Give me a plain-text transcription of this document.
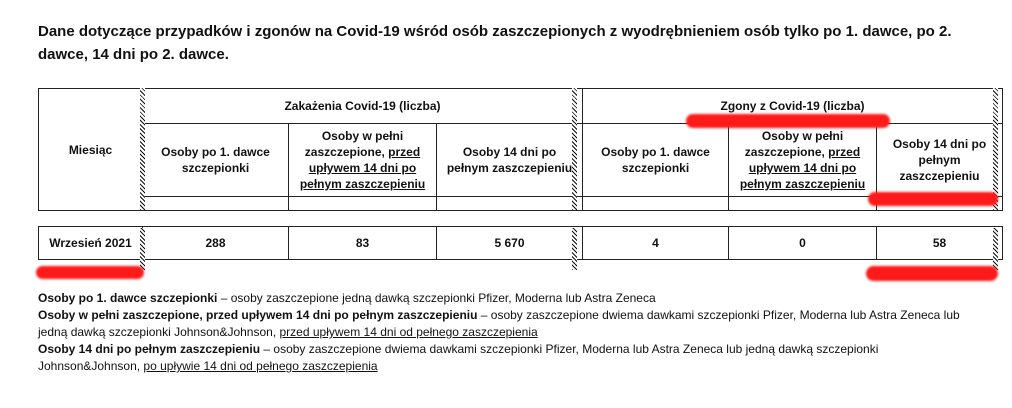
Dane dotyczące przypadków i zgonów na Covid-19 wśród osób zaszczepionych z wyodrębnieniem osób tylko po 1. dawce, po 2. dawce, 14 dni po 2. dawce.
Miesiąc	Zakażenia Covid-19 (liczba)			Zgony z Covid-19 (liczba)		
	Osoby po 1. dawce szczepionki	Osoby w pełni zaszczepione, przed upływem 14 dni po pełnym zaszczepieniu	Osoby 14 dni po pełnym zaszczepieniu	Osoby po 1. dawce szczepionki	Osoby w pełni zaszczepione, przed upływem 14 dni po pełnym zaszczepieniu	Osoby 14 dni po pełnym zaszczepieniu

Wrzesień 2021	288	83	5 670	4	0	58

Osoby po 1. dawce szczepionki – osoby zaszczepione jedną dawką szczepionki Pfizer, Moderna lub Astra Zeneca

Osoby w pełni zaszczepione, przed upływem 14 dni po pełnym zaszczepieniu – osoby zaszczepione dwiema dawkami szczepionki Pfizer, Moderna lub Astra Zeneca lub jedną dawką szczepionki Johnson&Johnson, przed upływem 14 dni od pełnego zaszczepienia

Osoby 14 dni po pełnym zaszczepieniu – osoby zaszczepione dwiema dawkami szczepionki Pfizer, Moderna lub Astra Zeneca lub jedną dawką szczepionki Johnson&Johnson, po upływie 14 dni od pełnego zaszczepienia
